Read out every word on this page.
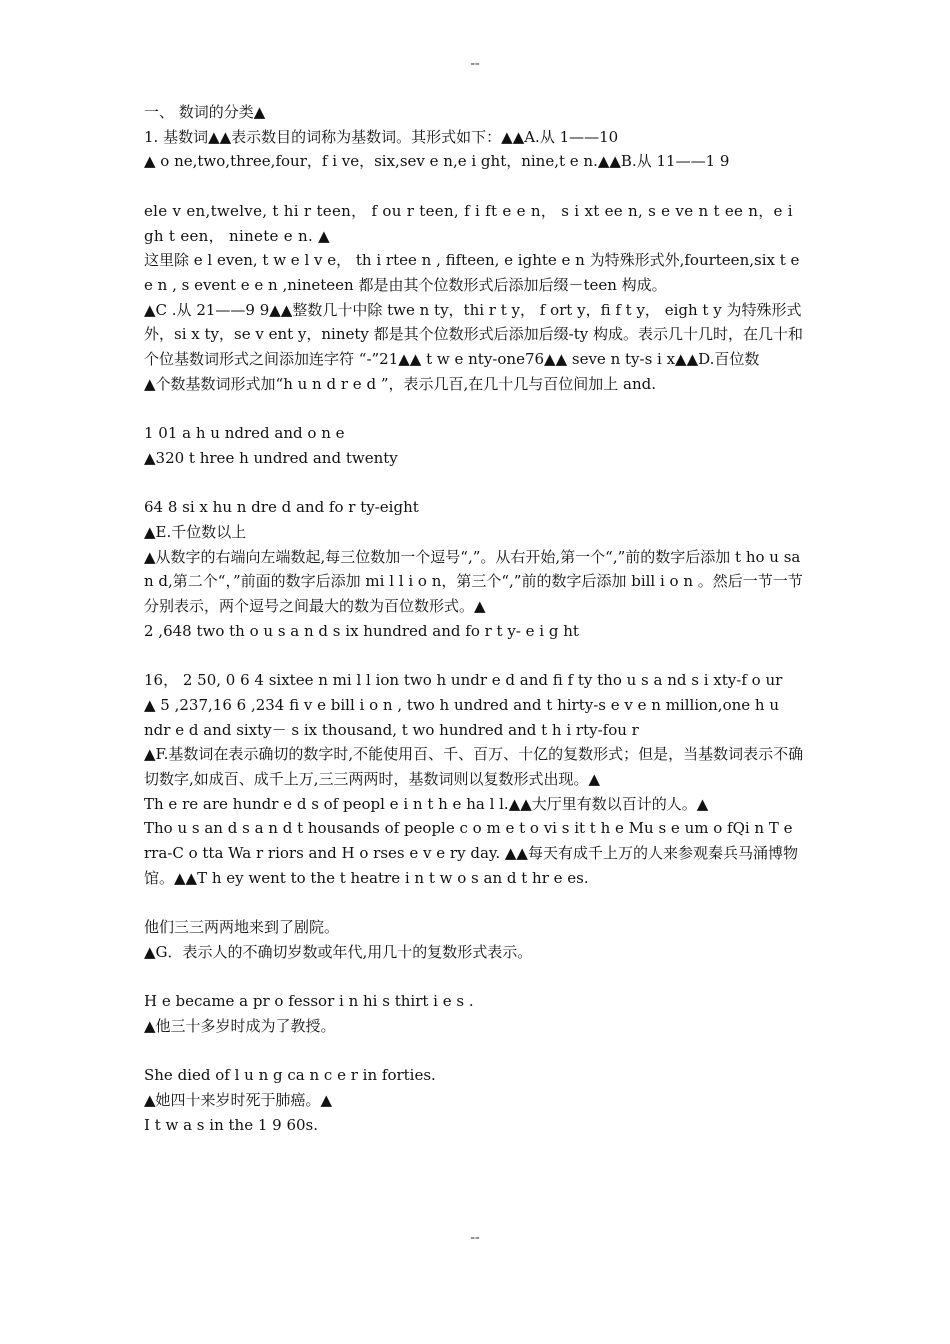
--

一、 数词的分类▲

1. 基数词▲▲表示数目的词称为基数词。其形式如下：▲▲A.从 1——10

▲ o ne,two,three,four，f i ve，six,sev e n,e i ght，nine,t e n.▲▲B.从 11——1 9

ele v en,twelve, t hi r teen， f ou r teen, f i ft e e n， s i xt ee n, s e ve n t ee n，e i gh t een， ninete e n. ▲

这里除 e l even, t w e l v e， th i rtee n , fifteen, e ighte e n 为特殊形式外,fourteen,six t e e n , s event e e n ,nineteen 都是由其个位数形式后添加后缀－teen 构成。

▲C .从 21——9 9▲▲整数几十中除 twe n ty，thi r t y， f ort y，fi f t y， eigh t y 为特殊形式外，si x ty，se v ent y，ninety 都是其个位数形式后添加后缀-ty 构成。表示几十几时，在几十和个位基数词形式之间添加连字符 “-”21▲▲ t w e nty-one76▲▲ seve n ty-s i x▲▲D.百位数

▲个数基数词形式加“h u n d r e d ”，表示几百,在几十几与百位间加上 and.

1 01 a h u ndred and o n e

▲320 t hree h undred and twenty

64 8 si x hu n dre d and fo r ty-eight

▲E.千位数以上

▲从数字的右端向左端数起,每三位数加一个逗号“,”。从右开始,第一个“,”前的数字后添加 t ho u sa n d,第二个“，”前面的数字后添加 mi l l i o n，第三个“,”前的数字后添加 bill i o n 。然后一节一节分别表示，两个逗号之间最大的数为百位数形式。▲

2 ,648 two th o u s a n d s ix hundred and fo r t y- e i g ht

16， 2 50, 0 6 4 sixtee n mi l l ion two h undr e d and fi f ty tho u s a nd s i xty-f o ur

▲ 5 ,237,16 6 ,234 fi v e bill i o n , two h undred and t hirty-s e v e n million,one h u ndr e d and sixty－ s ix thousand, t wo hundred and t h i rty-fou r

▲F.基数词在表示确切的数字时,不能使用百、千、百万、十亿的复数形式；但是，当基数词表示不确切数字,如成百、成千上万,三三两两时，基数词则以复数形式出现。▲

Th e re are hundr e d s of peopl e i n t h e ha l l.▲▲大厅里有数以百计的人。▲

Tho u s an d s a n d t housands of people c o m e t o vi s it t h e Mu s e um o fQi n T e rra-C o tta Wa r riors and H o rses e v e ry day. ▲▲每天有成千上万的人来参观秦兵马涌博物馆。▲▲T h ey went to the t heatre i n t w o s an d t hr e es.

他们三三两两地来到了剧院。

▲G．表示人的不确切岁数或年代,用几十的复数形式表示。

H e became a pr o fessor i n hi s thirt i e s .

▲他三十多岁时成为了教授。

She died of l u n g ca n c e r in forties.

▲她四十来岁时死于肺癌。▲

I t w a s in the 1 9 60s.

--
